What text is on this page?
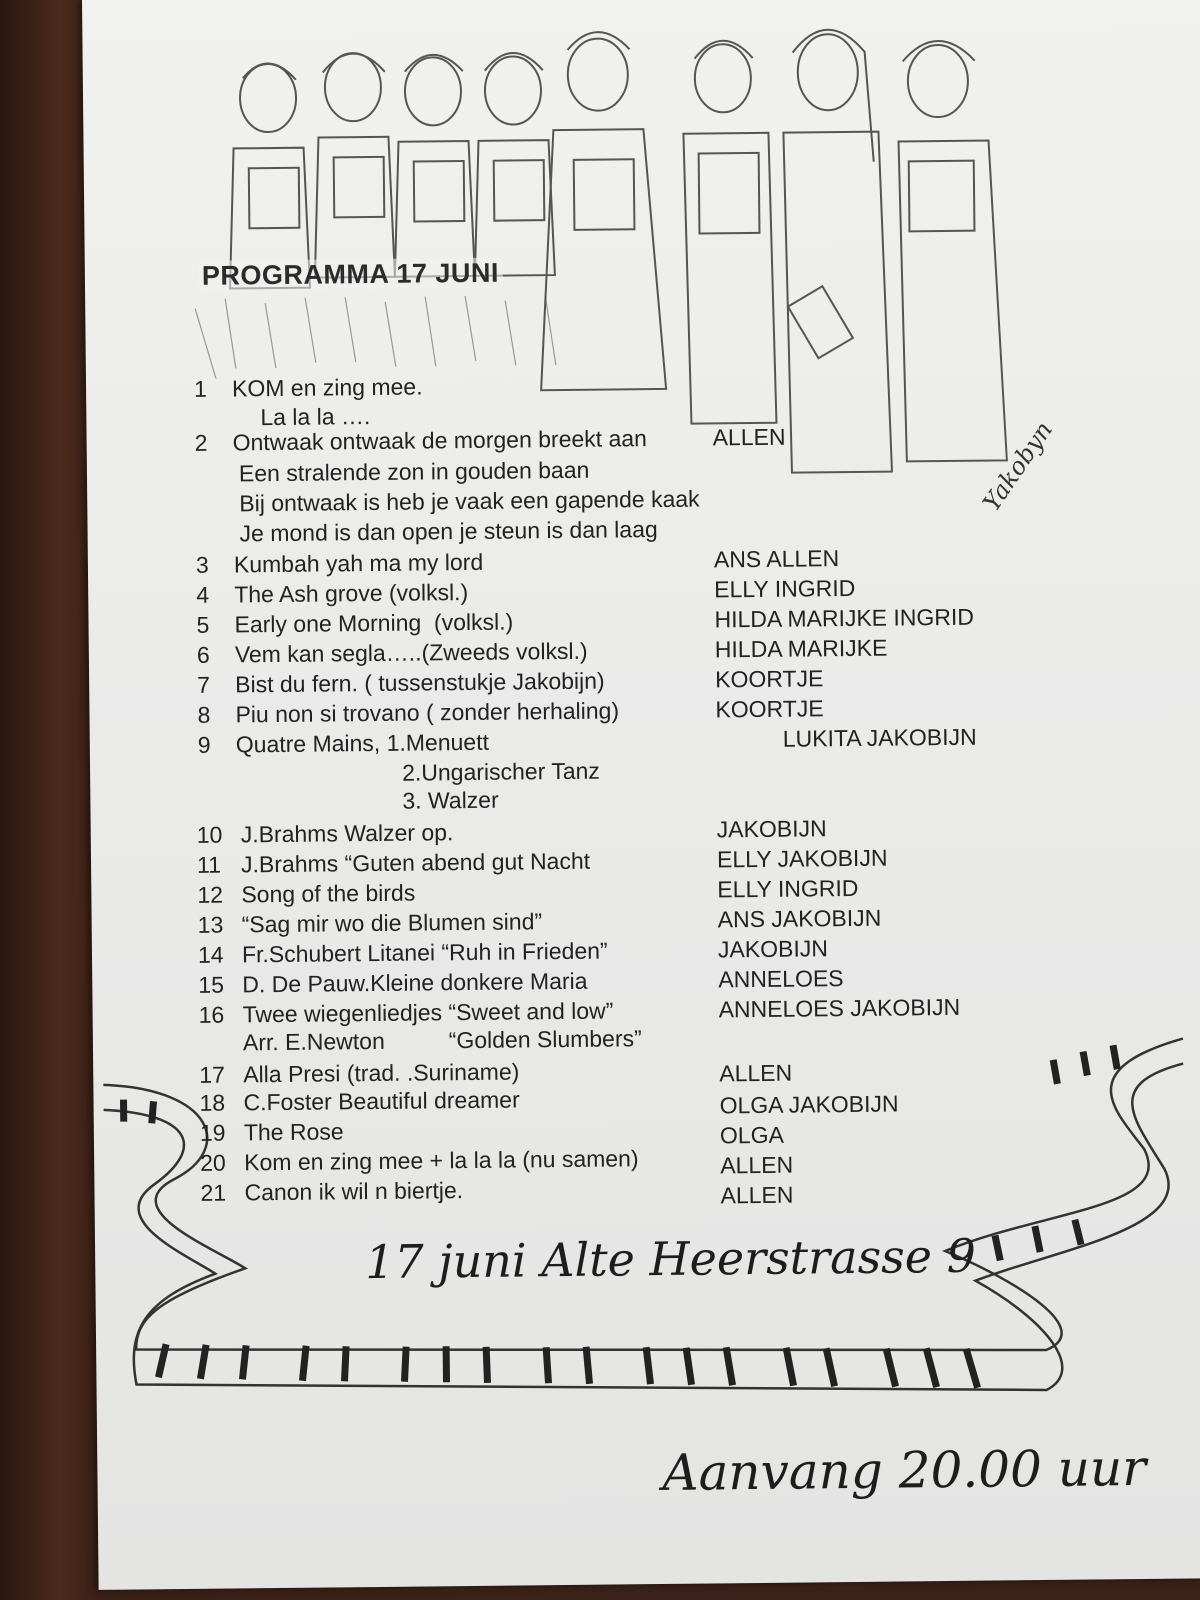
PROGRAMMA 17 JUNI
1	KOM en zing mee.
La la la ….
2	Ontwaak ontwaak de morgen breekt aan	ALLEN
Een stralende zon in gouden baan
Bij ontwaak is heb je vaak een gapende kaak
Je mond is dan open je steun is dan laag
3	Kumbah yah ma my lord	ANS ALLEN
4	The Ash grove (volksl.)	ELLY INGRID
5	Early one Morning  (volksl.)	HILDA MARIJKE INGRID
6	Vem kan segla…..(Zweeds volksl.)	HILDA MARIJKE
7	Bist du fern. ( tussenstukje Jakobijn)	KOORTJE
8	Piu non si trovano ( zonder herhaling)	KOORTJE
9	Quatre Mains, 1.Menuett	LUKITA JAKOBIJN
2.Ungarischer Tanz
3. Walzer
10 J.Brahms Walzer op.	JAKOBIJN
11 J.Brahms “Guten abend gut Nacht	ELLY JAKOBIJN
12 Song of the birds	ELLY INGRID
13 “Sag mir wo die Blumen sind”	ANS JAKOBIJN
14 Fr.Schubert Litanei “Ruh in Frieden”	JAKOBIJN
15 D. De Pauw.Kleine donkere Maria	ANNELOES
16 Twee wiegenliedjes “Sweet and low”	ANNELOES JAKOBIJN
Arr. E.Newton          “Golden Slumbers”
17 Alla Presi (trad. .Suriname)	ALLEN
18 C.Foster Beautiful dreamer	OLGA JAKOBIJN
19 The Rose	OLGA
20 Kom en zing mee + la la la (nu samen)	ALLEN
21 Canon ik wil n biertje.	ALLEN
Yakobyn
17 juni Alte Heerstrasse 9
Aanvang 20.00 uur
